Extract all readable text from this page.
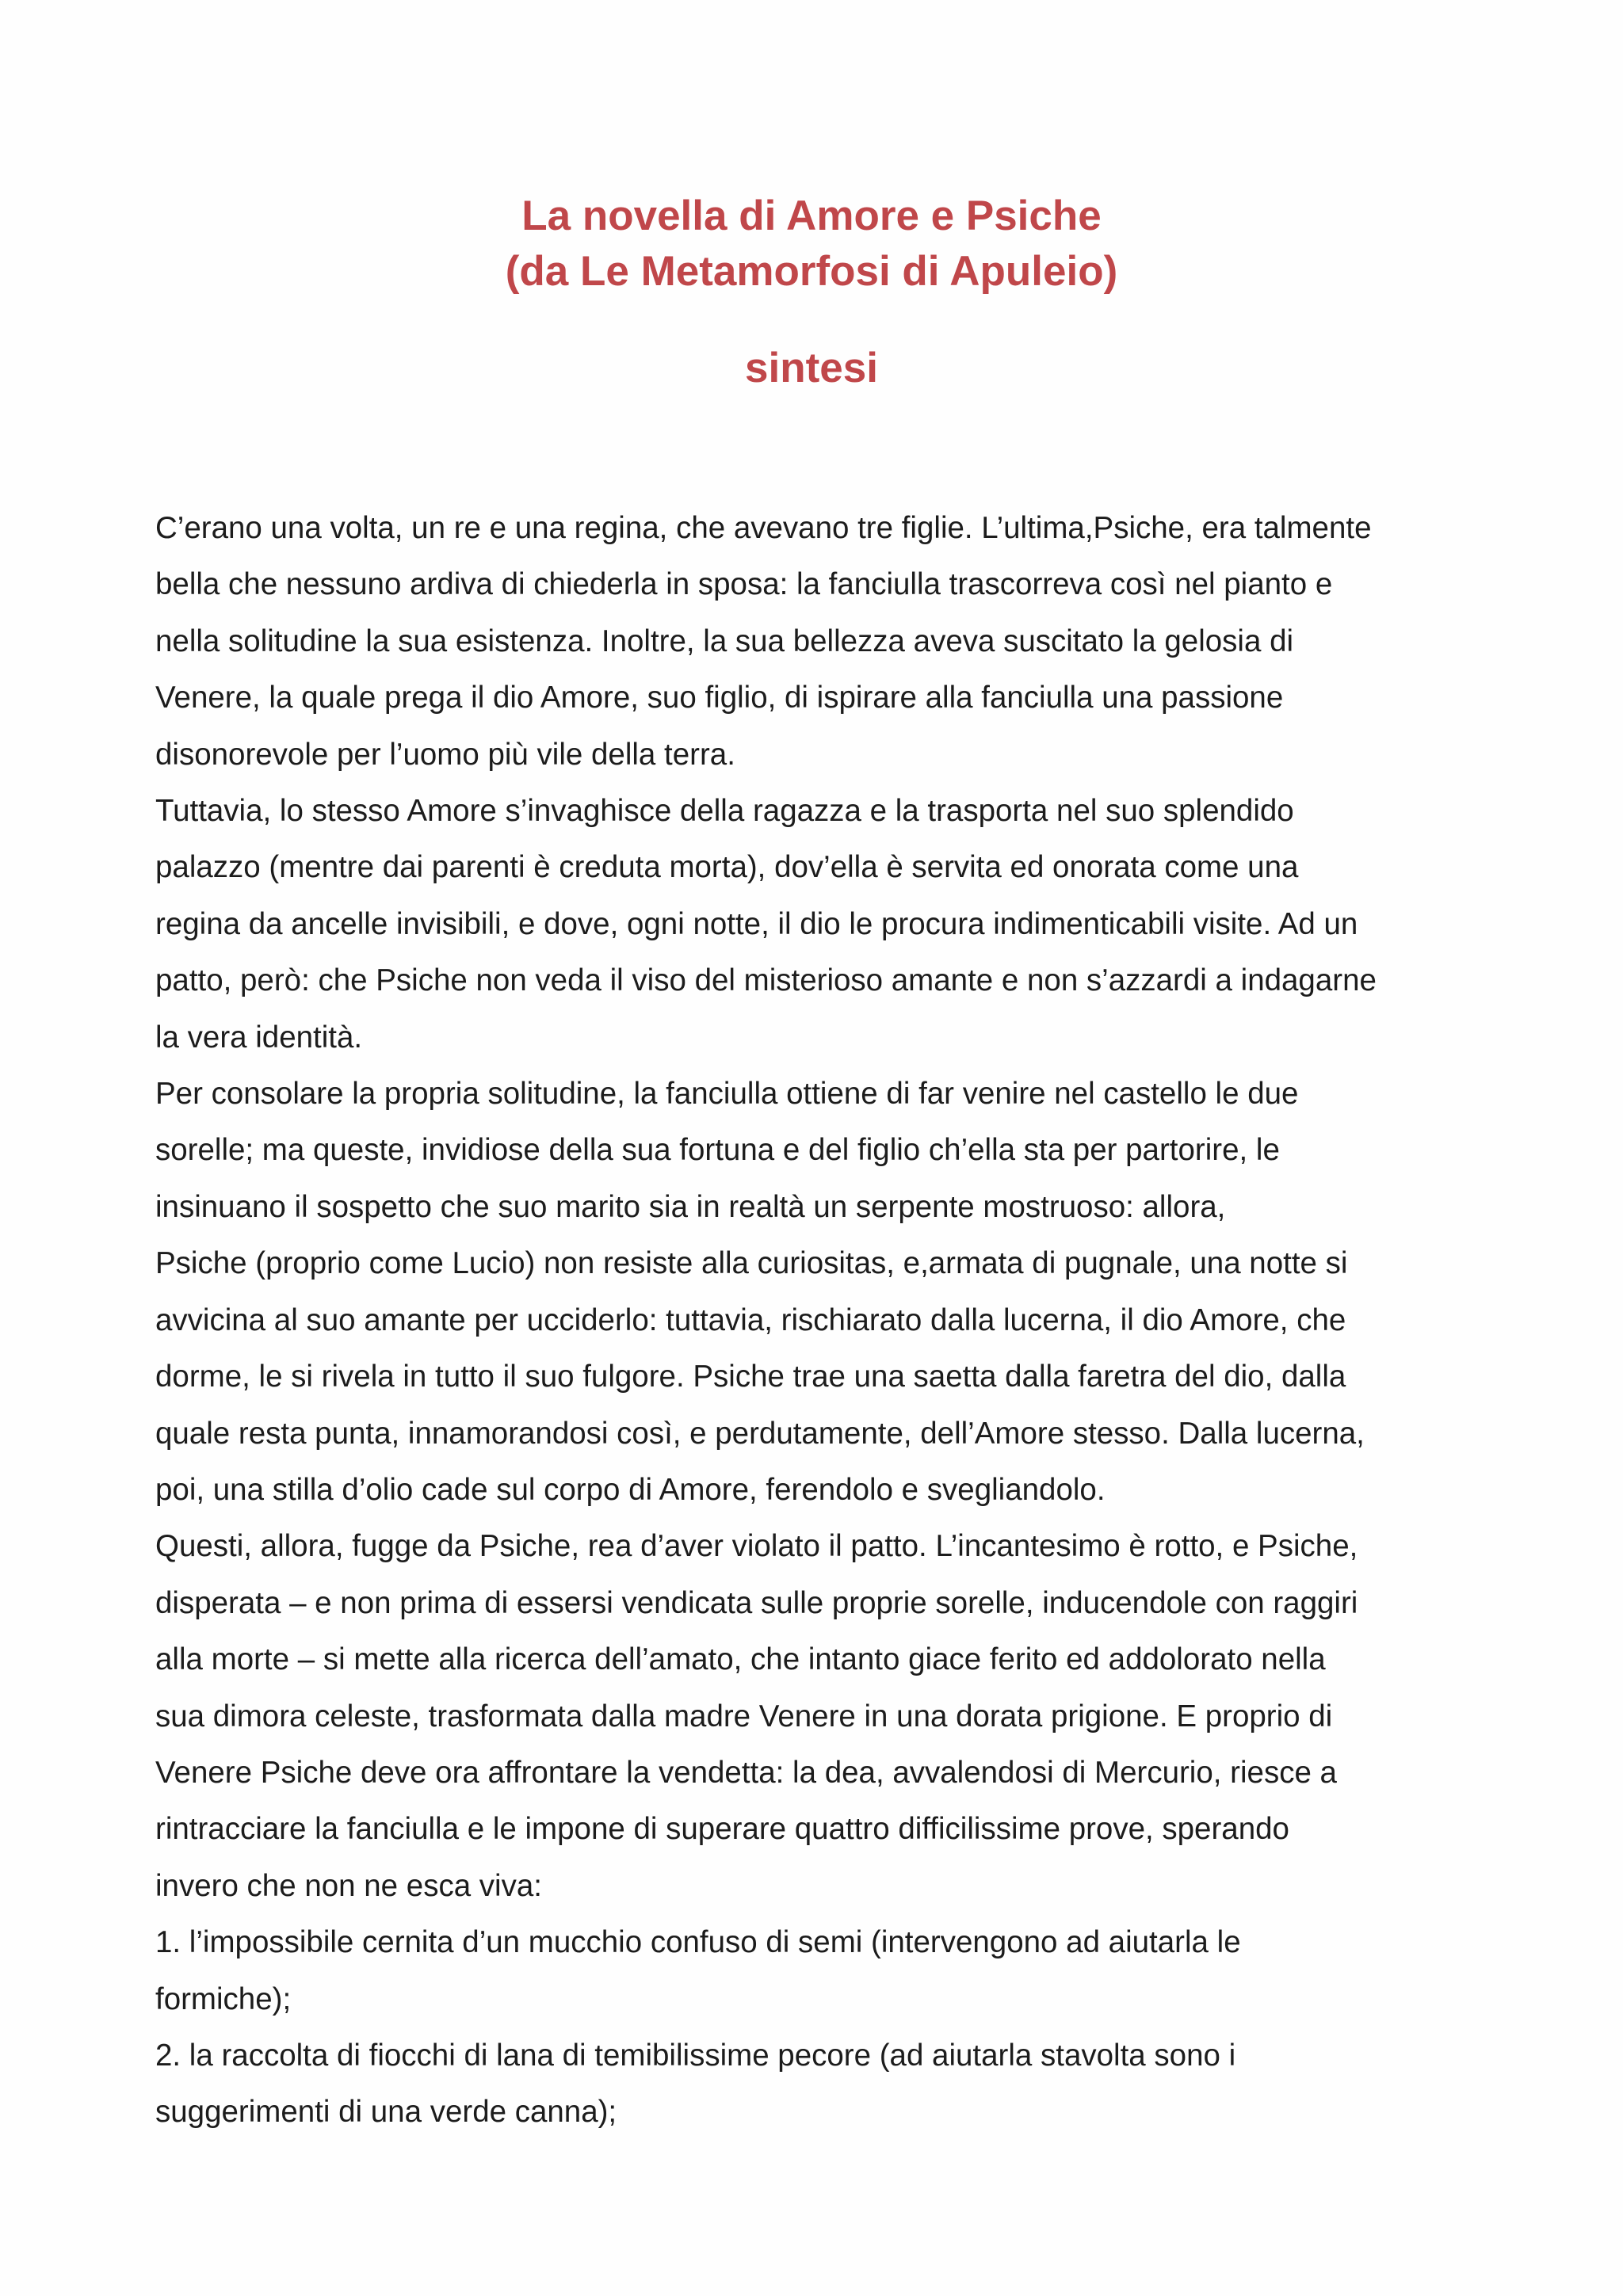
La novella di Amore e Psiche
(da Le Metamorfosi di Apuleio)
sintesi
C’erano una volta, un re e una regina, che avevano tre figlie. L’ultima,Psiche, era talmente
bella che nessuno ardiva di chiederla in sposa: la fanciulla trascorreva così nel pianto e
nella solitudine la sua esistenza. Inoltre, la sua bellezza aveva suscitato la gelosia di
Venere, la quale prega il dio Amore, suo figlio, di ispirare alla fanciulla una passione
disonorevole per l’uomo più vile della terra.
Tuttavia, lo stesso Amore s’invaghisce della ragazza e la trasporta nel suo splendido
palazzo (mentre dai parenti è creduta morta), dov’ella è servita ed onorata come una
regina da ancelle invisibili, e dove, ogni notte, il dio le procura indimenticabili visite. Ad un
patto, però: che Psiche non veda il viso del misterioso amante e non s’azzardi a indagarne
la vera identità.
Per consolare la propria solitudine, la fanciulla ottiene di far venire nel castello le due
sorelle; ma queste, invidiose della sua fortuna e del figlio ch’ella sta per partorire, le
insinuano il sospetto che suo marito sia in realtà un serpente mostruoso: allora,
Psiche (proprio come Lucio) non resiste alla curiositas, e,armata di pugnale, una notte si
avvicina al suo amante per ucciderlo: tuttavia, rischiarato dalla lucerna, il dio Amore, che
dorme, le si rivela in tutto il suo fulgore. Psiche trae una saetta dalla faretra del dio, dalla
quale resta punta, innamorandosi così, e perdutamente, dell’Amore stesso. Dalla lucerna,
poi, una stilla d’olio cade sul corpo di Amore, ferendolo e svegliandolo.
Questi, allora, fugge da Psiche, rea d’aver violato il patto. L’incantesimo è rotto, e Psiche,
disperata – e non prima di essersi vendicata sulle proprie sorelle, inducendole con raggiri
alla morte – si mette alla ricerca dell’amato, che intanto giace ferito ed addolorato nella
sua dimora celeste, trasformata dalla madre Venere in una dorata prigione. E proprio di
Venere Psiche deve ora affrontare la vendetta: la dea, avvalendosi di Mercurio, riesce a
rintracciare la fanciulla e le impone di superare quattro difficilissime prove, sperando
invero che non ne esca viva:
1. l’impossibile cernita d’un mucchio confuso di semi (intervengono ad aiutarla le
formiche);
2. la raccolta di fiocchi di lana di temibilissime pecore (ad aiutarla stavolta sono i
suggerimenti di una verde canna);
